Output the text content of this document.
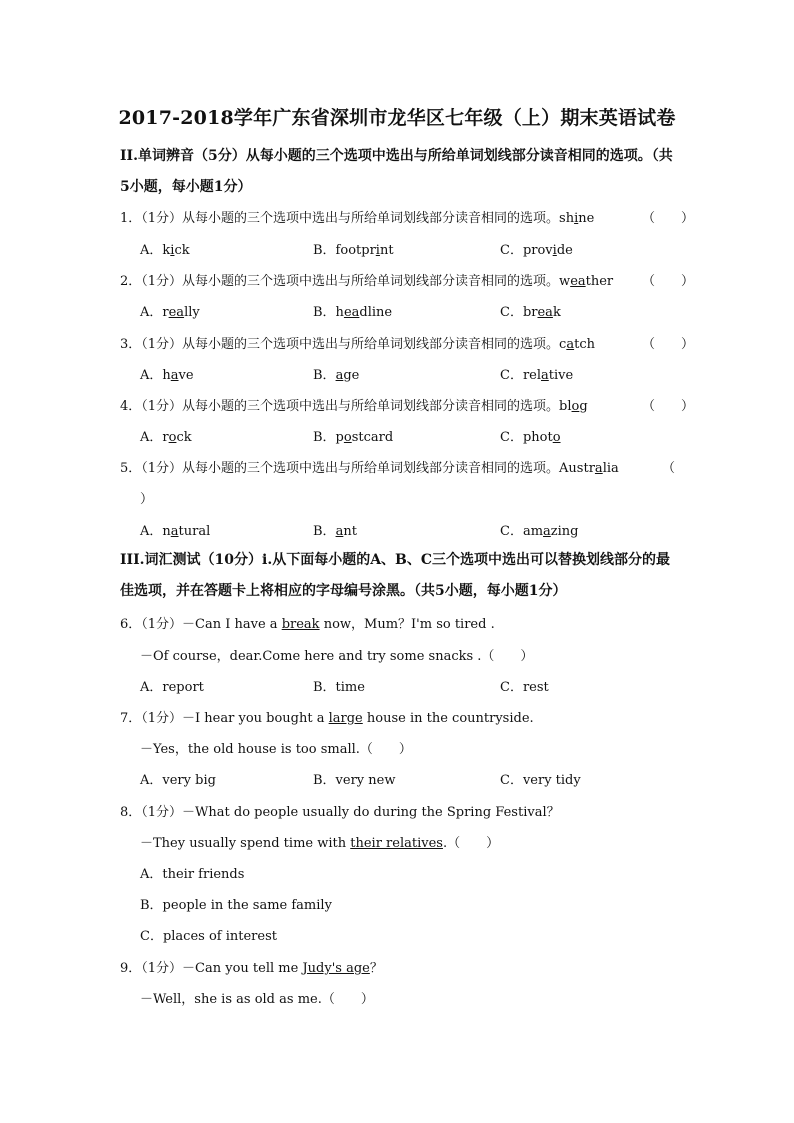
2017-2018学年广东省深圳市龙华区七年级（上）期末英语试卷
II.单词辨音（5分）从每小题的三个选项中选出与所给单词划线部分读音相同的选项。（共5小题，每小题1分）
1．（1分）从每小题的三个选项中选出与所给单词划线部分读音相同的选项。shine	（　　）
A．kick	B．footprint	C．provide
2．（1分）从每小题的三个选项中选出与所给单词划线部分读音相同的选项。weather （　　）
A．really	B．headline	C．break
3．（1分）从每小题的三个选项中选出与所给单词划线部分读音相同的选项。catch	（　　）
A．have	B．age	C．relative
4．（1分）从每小题的三个选项中选出与所给单词划线部分读音相同的选项。blog	（　　）
A．rock	B．postcard	C．photo
5．（1分）从每小题的三个选项中选出与所给单词划线部分读音相同的选项。Australia	（
）
A．natural	B．ant	C．amazing
III.词汇测试（10分）i.从下面每小题的A、B、C三个选项中选出可以替换划线部分的最佳选项，并在答题卡上将相应的字母编号涂黑。（共5小题，每小题1分）
6．（1分）－Can I have a break now，Mum？I'm so tired .
－Of course，dear.Come here and try some snacks .（　　）
A．report	B．time	C．rest
7．（1分）－I hear you bought a large house in the countryside.
－Yes，the old house is too small.（　　）
A．very big	B．very new	C．very tidy
8．（1分）－What do people usually do during the Spring Festival？
－They usually spend time with their relatives.（　　）
A．their friends
B．people in the same family
C．places of interest
9．（1分）－Can you tell me Judy's age？
－Well，she is as old as me.（　　）
